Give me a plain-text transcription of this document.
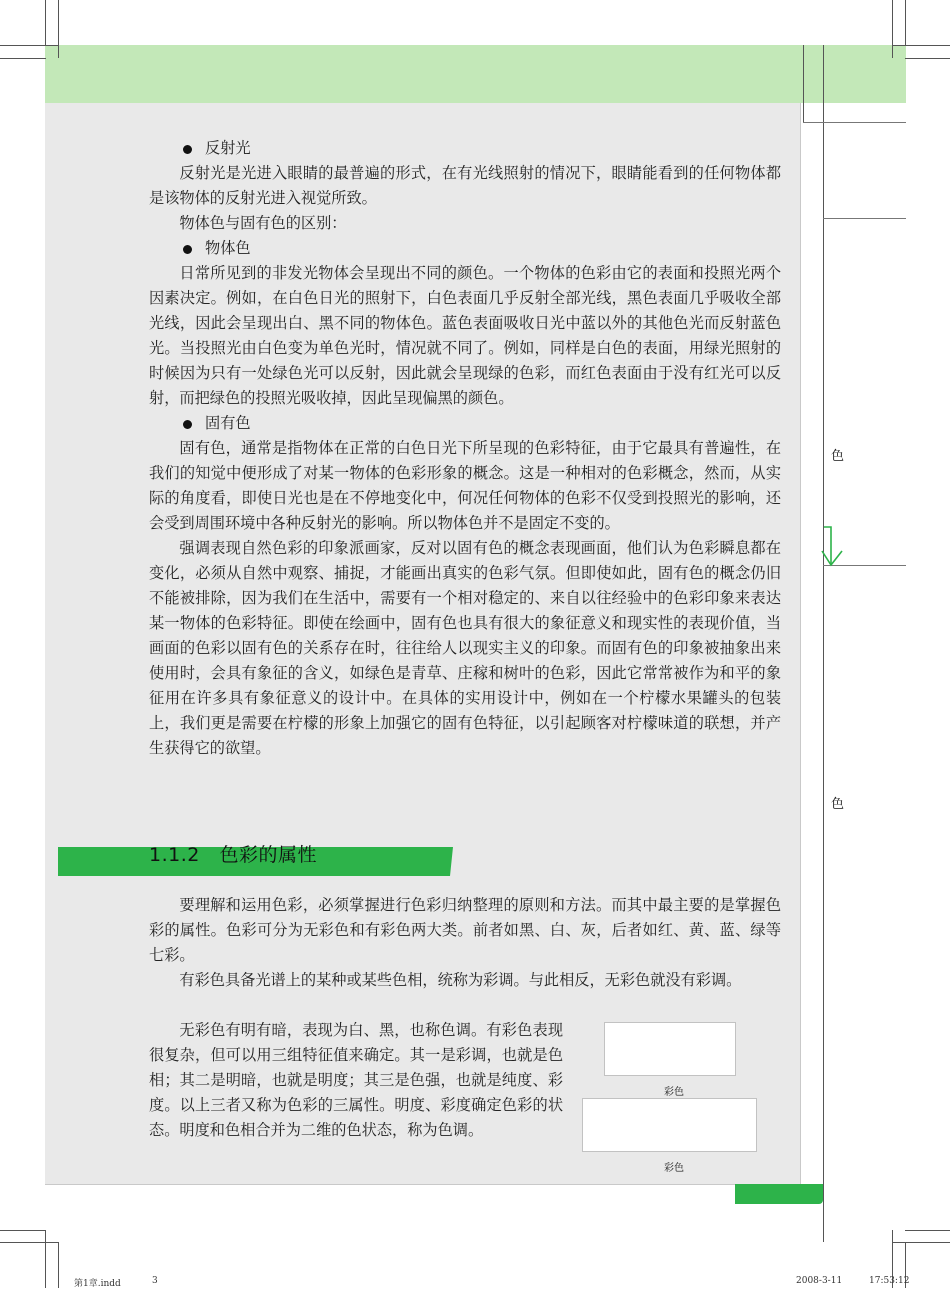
色
色

反射光

反射光是光进入眼睛的最普遍的形式，在有光线照射的情况下，眼睛能看到的任何物体都是该物体的反射光进入视觉所致。

物体色与固有色的区别：

物体色

日常所见到的非发光物体会呈现出不同的颜色。一个物体的色彩由它的表面和投照光两个因素决定。例如，在白色日光的照射下，白色表面几乎反射全部光线，黑色表面几乎吸收全部光线，因此会呈现出白、黑不同的物体色。蓝色表面吸收日光中蓝以外的其他色光而反射蓝色光。当投照光由白色变为单色光时，情况就不同了。例如，同样是白色的表面，用绿光照射的时候因为只有一处绿色光可以反射，因此就会呈现绿的色彩，而红色表面由于没有红光可以反射，而把绿色的投照光吸收掉，因此呈现偏黑的颜色。

固有色

固有色，通常是指物体在正常的白色日光下所呈现的色彩特征，由于它最具有普遍性，在我们的知觉中便形成了对某一物体的色彩形象的概念。这是一种相对的色彩概念，然而，从实际的角度看，即使日光也是在不停地变化中，何况任何物体的色彩不仅受到投照光的影响，还会受到周围环境中各种反射光的影响。所以物体色并不是固定不变的。

强调表现自然色彩的印象派画家，反对以固有色的概念表现画面，他们认为色彩瞬息都在变化，必须从自然中观察、捕捉，才能画出真实的色彩气氛。但即使如此，固有色的概念仍旧不能被排除，因为我们在生活中，需要有一个相对稳定的、来自以往经验中的色彩印象来表达某一物体的色彩特征。即使在绘画中，固有色也具有很大的象征意义和现实性的表现价值，当画面的色彩以固有色的关系存在时，往往给人以现实主义的印象。而固有色的印象被抽象出来使用时，会具有象征的含义，如绿色是青草、庄稼和树叶的色彩，因此它常常被作为和平的象征用在许多具有象征意义的设计中。在具体的实用设计中，例如在一个柠檬水果罐头的包装上，我们更是需要在柠檬的形象上加强它的固有色特征，以引起顾客对柠檬味道的联想，并产生获得它的欲望。

1.1.2 色彩的属性

要理解和运用色彩，必须掌握进行色彩归纳整理的原则和方法。而其中最主要的是掌握色彩的属性。色彩可分为无彩色和有彩色两大类。前者如黑、白、灰，后者如红、黄、蓝、绿等七彩。

有彩色具备光谱上的某种或某些色相，统称为彩调。与此相反，无彩色就没有彩调。

无彩色有明有暗，表现为白、黑，也称色调。有彩色表现很复杂，但可以用三组特征值来确定。其一是彩调，也就是色相；其二是明暗，也就是明度；其三是色强，也就是纯度、彩度。以上三者又称为色彩的三属性。明度、彩度确定色彩的状态。明度和色相合并为二维的色状态，称为色调。

彩色
彩色
第1章.indd	3	2008-3-11	17:53:12
